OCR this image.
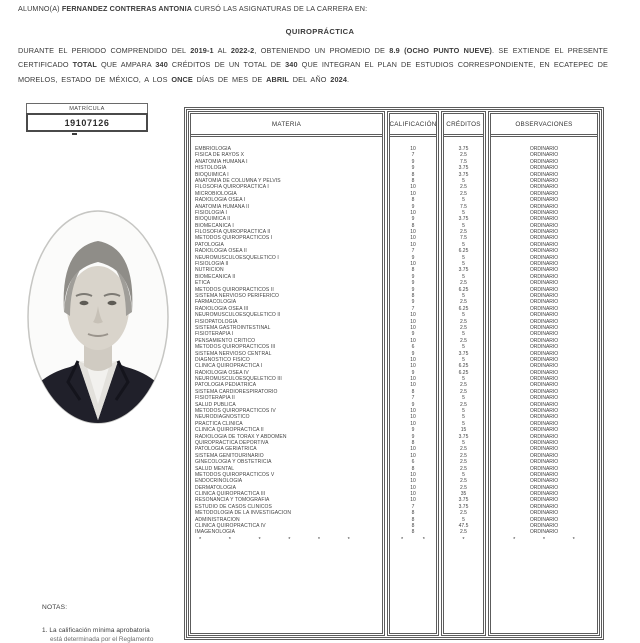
ALUMNO(A) FERNANDEZ CONTRERAS ANTONIA CURSÓ LAS ASIGNATURAS DE LA CARRERA EN:
QUIROPRÁCTICA
DURANTE EL PERIODO COMPRENDIDO DEL 2019-1 AL 2022-2, OBTENIENDO UN PROMEDIO DE 8.9 (OCHO PUNTO NUEVE). SE EXTIENDE EL PRESENTE CERTIFICADO TOTAL QUE AMPARA 340 CRÉDITOS DE UN TOTAL DE 340 QUE INTEGRAN EL PLAN DE ESTUDIOS CORRESPONDIENTE, EN ECATEPEC DE MORELOS, ESTADO DE MÉXICO, A LOS ONCE DÍAS DE MES DE ABRIL DEL AÑO 2024.
MATRÍCULA
19107126	MATERIA
EMBRIOLOGÍA
FÍSICA DE RAYOS X
ANATOMÍA HUMANA I
HISTOLOGÍA
BIOQUÍMICA I
ANATOMÍA DE COLUMNA Y PELVIS
FILOSOFÍA QUIROPRÁCTICA I
MICROBIOLOGÍA
RADIOLOGÍA ÓSEA I
ANATOMÍA HUMANA II
FISIOLOGÍA I
BIOQUÍMICA II
BIOMECÁNICA I
FILOSOFÍA QUIROPRÁCTICA II
MÉTODOS QUIROPRÁCTICOS I
PATOLOGÍA
RADIOLOGÍA ÓSEA II
NEUROMUSCULOESQUELÉTICO I
FISIOLOGÍA II
NUTRICIÓN
BIOMECÁNICA II
ÉTICA
MÉTODOS QUIROPRÁCTICOS II
SISTEMA NERVIOSO PERIFÉRICO
FARMACOLOGÍA
RADIOLOGÍA ÓSEA III
NEUROMUSCULOESQUELÉTICO II
FISIOPATOLOGÍA
SISTEMA GASTROINTESTINAL
FISIOTERAPIA I
PENSAMIENTO CRÍTICO
MÉTODOS QUIROPRÁCTICOS III
SISTEMA NERVIOSO CENTRAL
DIAGNÓSTICO FÍSICO
CLÍNICA QUIROPRÁCTICA I
RADIOLOGÍA ÓSEA IV
NEUROMUSCULOESQUELÉTICO III
PATOLOGÍA PEDIÁTRICA
SISTEMA CARDIORESPIRATORIO
FISIOTERAPIA II
SALUD PÚBLICA
MÉTODOS QUIROPRÁCTICOS IV
NEURODIAGNÓSTICO
PRÁCTICA CLÍNICA
CLÍNICA QUIROPRÁCTICA II
RADIOLOGÍA DE TÓRAX Y ABDOMEN
QUIROPRÁCTICA DEPORTIVA
PATOLOGÍA GERIÁTRICA
SISTEMA GENITOURINARIO
GINECOLOGÍA Y OBSTETRICIA
SALUD MENTAL
MÉTODOS QUIROPRÁCTICOS V
ENDOCRINOLOGÍA
DERMATOLOGÍA
CLÍNICA QUIROPRÁCTICA III
RESONANCIA Y TOMOGRAFÍA
ESTUDIO DE CASOS CLÍNICOS
METODOLOGÍA DE LA INVESTIGACIÓN
ADMINISTRACIÓN
CLÍNICA QUIROPRÁCTICA IV
IMAGENOLOGÍA
* * * * * *
CALIFICACIÓN
10
7
9
9
8
8
10
10
8
9
10
9
8
10
10
10
7
9
10
8
9
9
9
8
9
7
10
10
10
9
10
6
9
10
10
9
10
10
8
7
9
10
10
10
9
9
8
10
10
6
8
10
10
10
10
10
7
8
8
8
8
* *
CRÉDITOS
3.75
2.5
7.5
3.75
3.75
5
2.5
2.5
5
7.5
5
3.75
5
2.5
7.5
5
6.25
5
5
3.75
5
2.5
6.25
5
2.5
6.25
5
2.5
2.5
5
2.5
5
3.75
5
6.25
6.25
5
2.5
2.5
5
2.5
5
5
5
15
3.75
5
2.5
2.5
2.5
2.5
5
2.5
2.5
35
3.75
3.75
2.5
5
47.5
2.5
*
OBSERVACIONES
ORDINARIO
ORDINARIO
ORDINARIO
ORDINARIO
ORDINARIO
ORDINARIO
ORDINARIO
ORDINARIO
ORDINARIO
ORDINARIO
ORDINARIO
ORDINARIO
ORDINARIO
ORDINARIO
ORDINARIO
ORDINARIO
ORDINARIO
ORDINARIO
ORDINARIO
ORDINARIO
ORDINARIO
ORDINARIO
ORDINARIO
ORDINARIO
ORDINARIO
ORDINARIO
ORDINARIO
ORDINARIO
ORDINARIO
ORDINARIO
ORDINARIO
ORDINARIO
ORDINARIO
ORDINARIO
ORDINARIO
ORDINARIO
ORDINARIO
ORDINARIO
ORDINARIO
ORDINARIO
ORDINARIO
ORDINARIO
ORDINARIO
ORDINARIO
ORDINARIO
ORDINARIO
ORDINARIO
ORDINARIO
ORDINARIO
ORDINARIO
ORDINARIO
ORDINARIO
ORDINARIO
ORDINARIO
ORDINARIO
ORDINARIO
ORDINARIO
ORDINARIO
ORDINARIO
ORDINARIO
ORDINARIO
* * *
NOTAS:
1. La calificación mínima aprobatoria
está determinada por el Reglamento
